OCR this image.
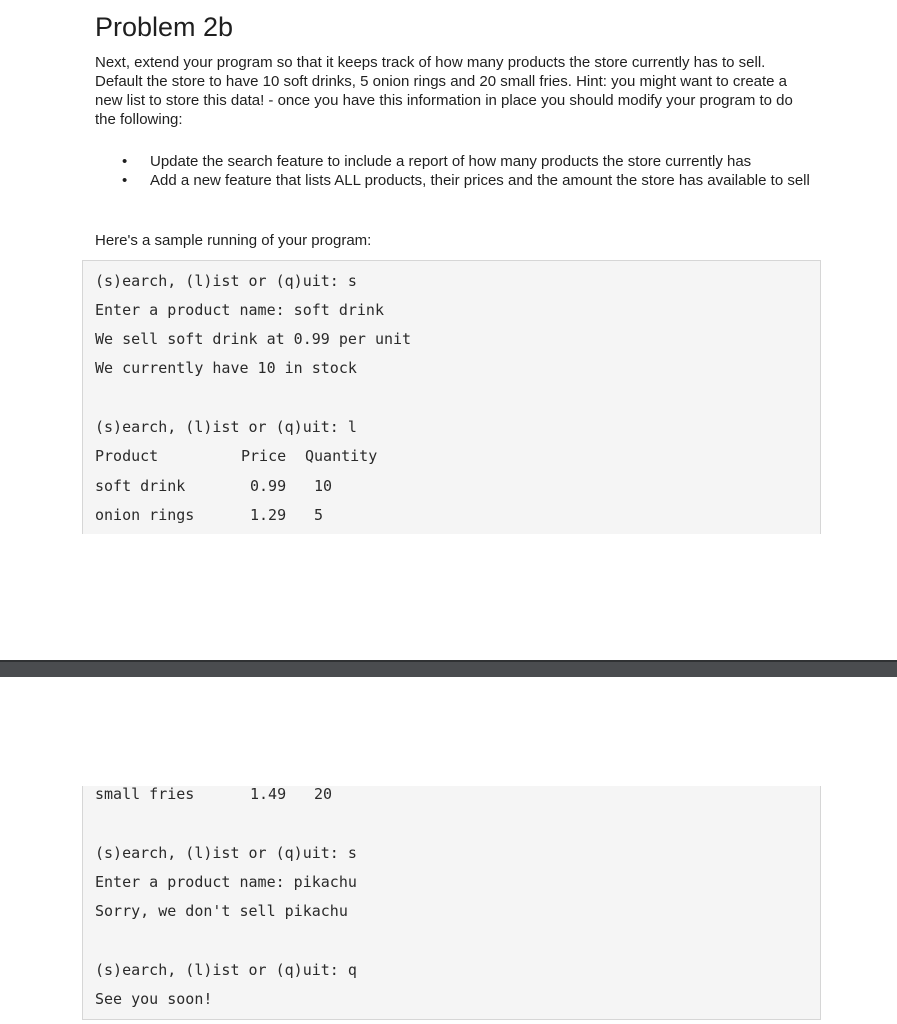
Problem 2b

Next, extend your program so that it keeps track of how many products the store currently has to sell. Default the store to have 10 soft drinks, 5 onion rings and 20 small fries. Hint: you might want to create a new list to store this data! - once you have this information in place you should modify your program to do the following:

• Update the search feature to include a report of how many products the store currently has
• Add a new feature that lists ALL products, their prices and the amount the store has available to sell

Here's a sample running of your program:

(s)earch, (l)ist or (q)uit: s
Enter a product name: soft drink
We sell soft drink at 0.99 per unit
We currently have 10 in stock
(s)earch, (l)ist or (q)uit: l
Product	Price Quantity
soft drink	0.99 10
onion rings	1.29 5
small fries	1.49 20
(s)earch, (l)ist or (q)uit: s
Enter a product name: pikachu
Sorry, we don't sell pikachu
(s)earch, (l)ist or (q)uit: q
See you soon!
